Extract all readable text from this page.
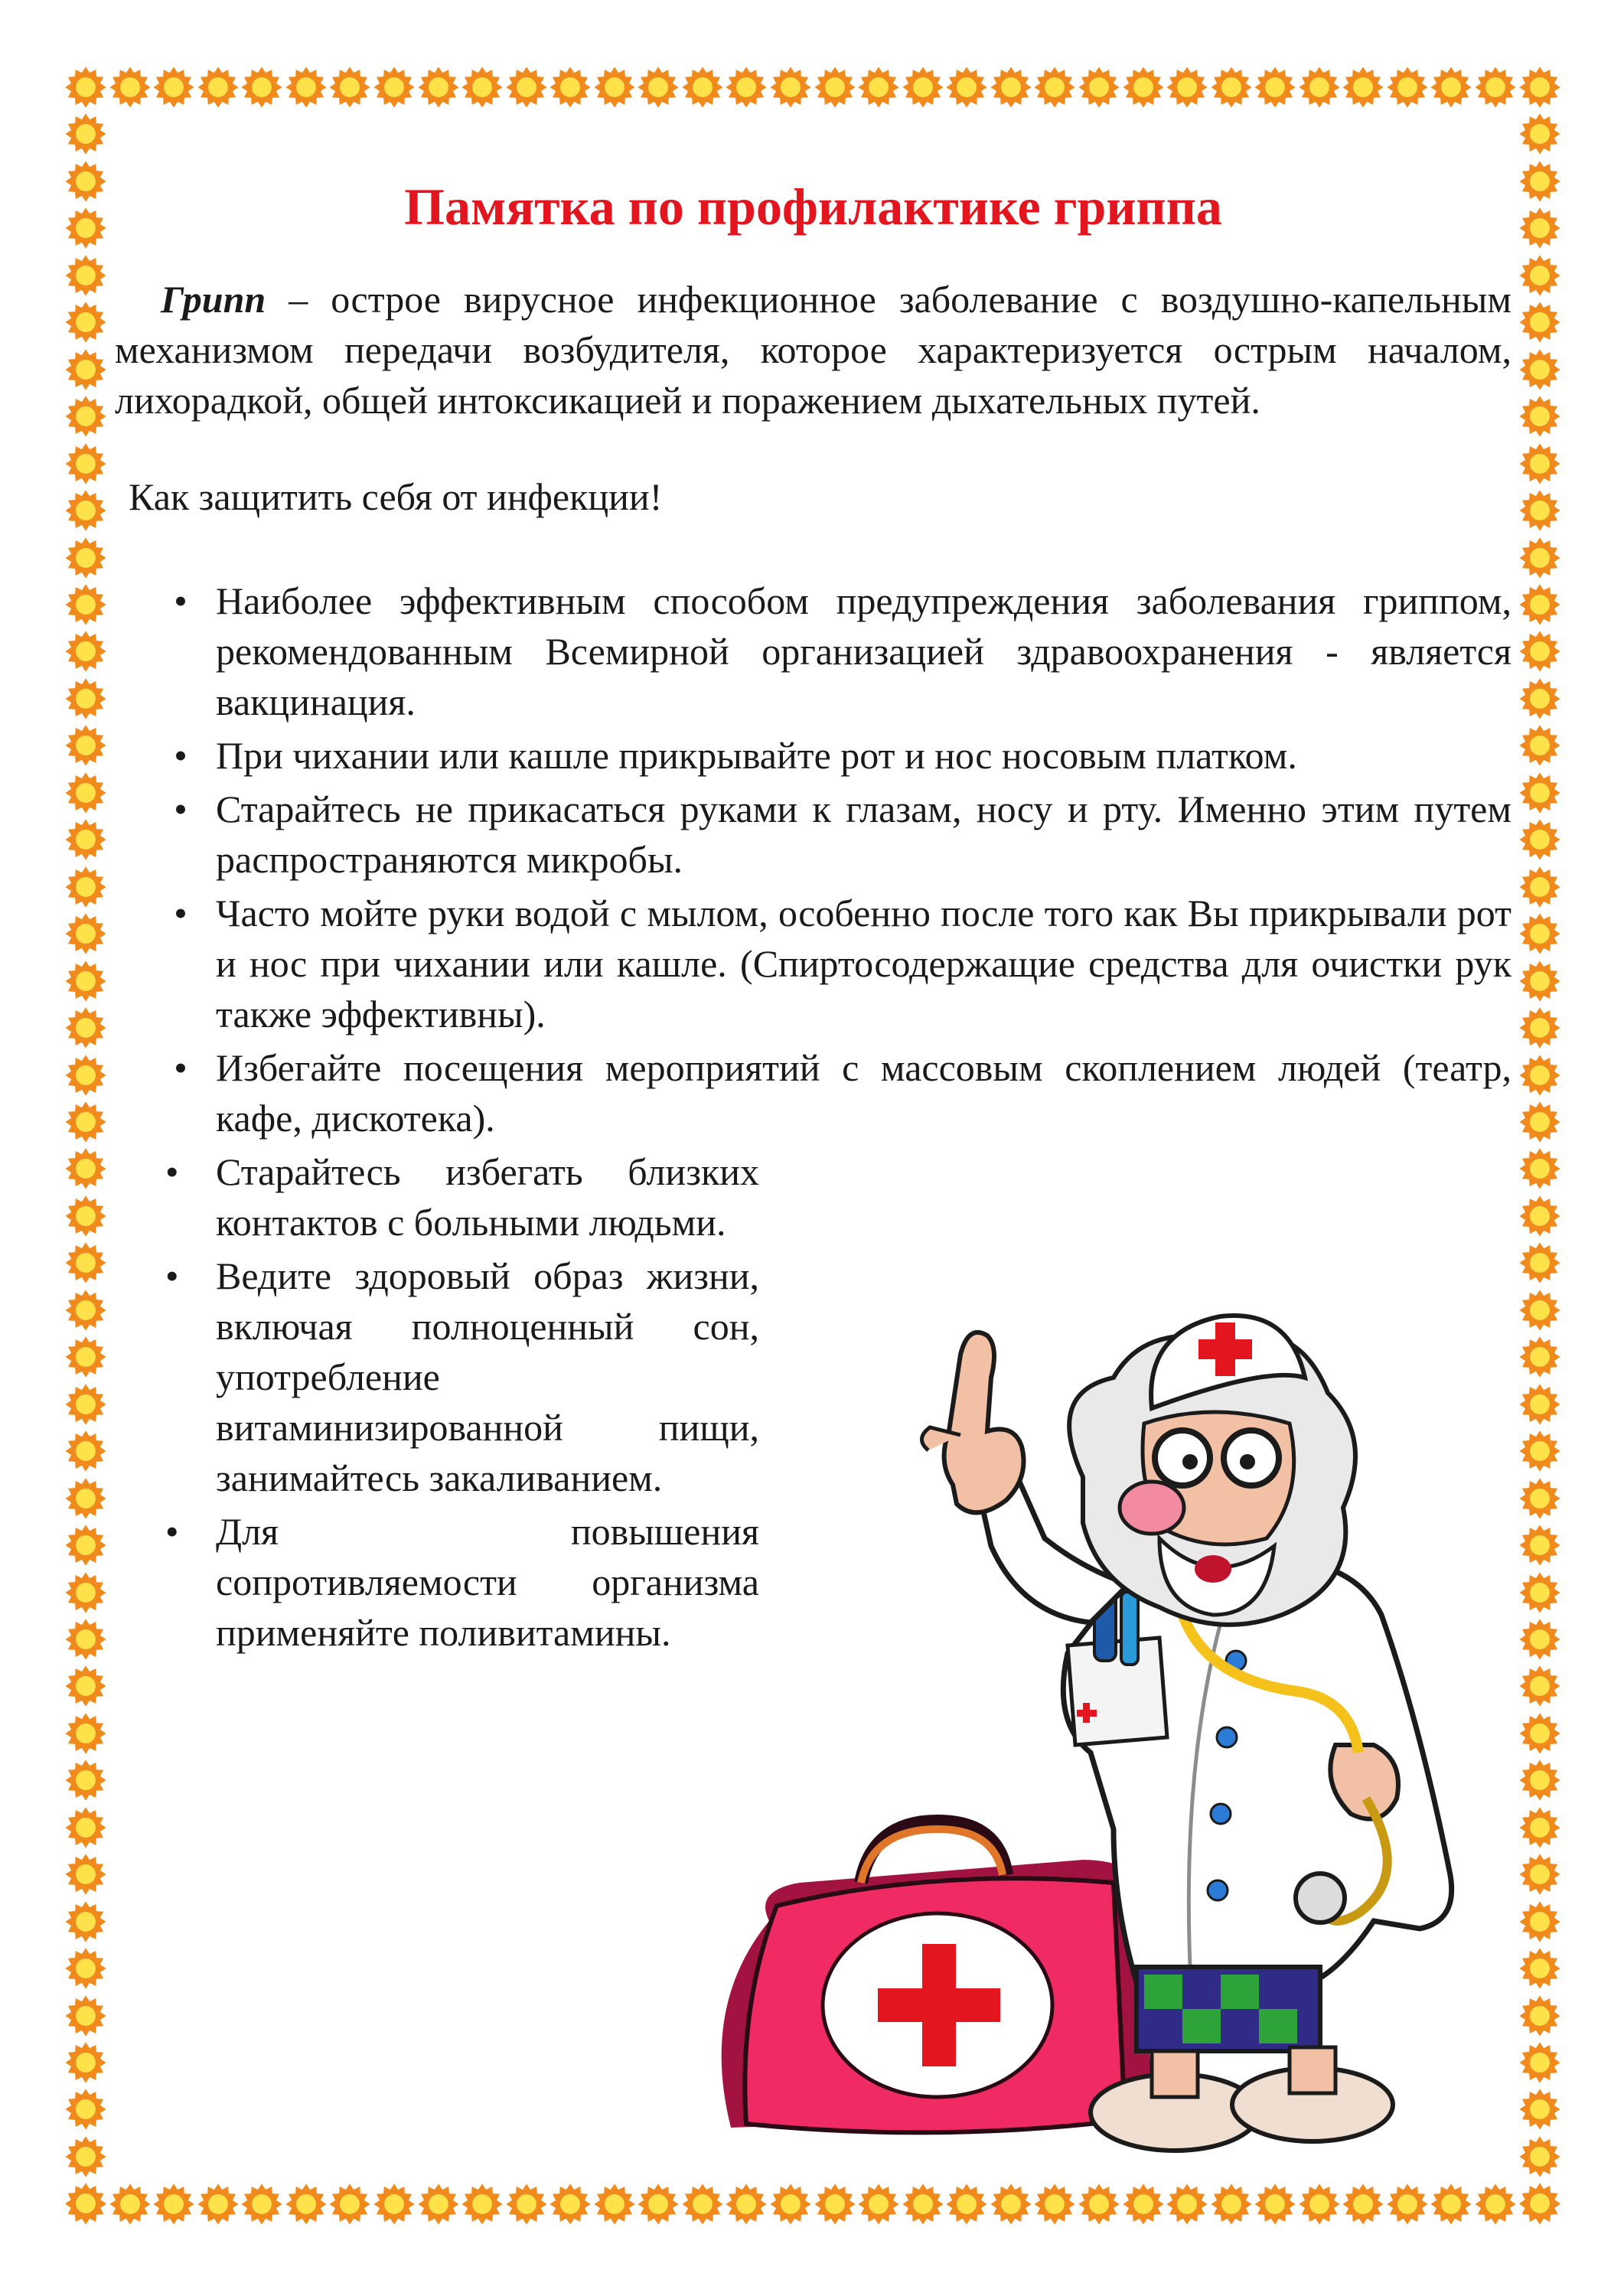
Памятка по профилактике гриппа

Грипп – острое вирусное инфекционное заболевание с воздушно-капельным механизмом передачи возбудителя, которое характеризуется острым началом, лихорадкой, общей интоксикацией и поражением дыхательных путей.

Как защитить себя от инфекции!

• Наиболее эффективным способом предупреждения заболевания гриппом, рекомендованным Всемирной организацией здравоохранения - является вакцинация.
• При чихании или кашле прикрывайте рот и нос носовым платком.
• Старайтесь не прикасаться руками к глазам, носу и рту. Именно этим путем распространяются микробы.
• Часто мойте руки водой с мылом, особенно после того как Вы прикрывали рот и нос при чихании или кашле. (Спиртосодержащие средства для очистки рук также эффективны).
• Избегайте посещения мероприятий с массовым скоплением людей (театр, кафе, дискотека).
• Старайтесь избегать близких контактов с больными людьми.
• Ведите здоровый образ жизни, включая полноценный сон, употребление витаминизированной пищи, занимайтесь закаливанием.
• Для повышения сопротивляемости организма применяйте поливитамины.
